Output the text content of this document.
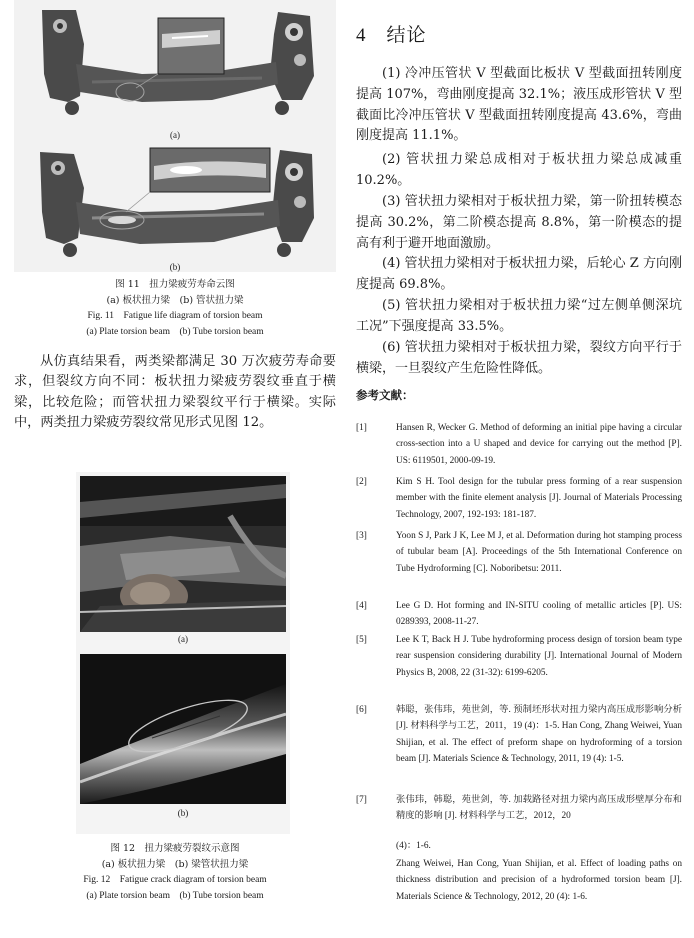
(a)
(b)
图 11　扭力梁疲劳寿命云图
(a) 板状扭力梁　(b) 管状扭力梁
Fig. 11　Fatigue life diagram of torsion beam
(a) Plate torsion beam　(b) Tube torsion beam
从仿真结果看，两类梁都满足 30 万次疲劳寿命要求，但裂纹方向不同：板状扭力梁疲劳裂纹垂直于横梁，比较危险；而管状扭力梁裂纹平行于横梁。实际中，两类扭力梁疲劳裂纹常见形式见图 12。
(a)
(b)
图 12　扭力梁疲劳裂纹示意图
(a) 板状扭力梁　(b) 梁管状扭力梁
Fig. 12　Fatigue crack diagram of torsion beam
(a) Plate torsion beam　(b) Tube torsion beam
4　结论
(1) 冷冲压管状 V 型截面比板状 V 型截面扭转刚度提高 107%，弯曲刚度提高 32.1%；液压成形管状 V 型截面比冷冲压管状 V 型截面扭转刚度提高 43.6%，弯曲刚度提高 11.1%。
(2) 管状扭力梁总成相对于板状扭力梁总成减重 10.2%。
(3) 管状扭力梁相对于板状扭力梁，第一阶扭转模态提高 30.2%，第二阶模态提高 8.8%，第一阶模态的提高有利于避开地面激励。
(4) 管状扭力梁相对于板状扭力梁，后轮心 Z 方向刚度提高 69.8%。
(5) 管状扭力梁相对于板状扭力梁“过左侧单侧深坑工况”下强度提高 33.5%。
(6) 管状扭力梁相对于板状扭力梁，裂纹方向平行于横梁，一旦裂纹产生危险性降低。
参考文献：
[1]	Hansen R, Wecker G. Method of deforming an initial pipe having a circular cross-section into a U shaped and device for carrying out the method [P]. US: 6119501, 2000-09-19.
[2]	Kim S H. Tool design for the tubular press forming of a rear suspension member with the finite element analysis [J]. Journal of Materials Processing Technology, 2007, 192-193: 181-187.
[3]	Yoon S J, Park J K, Lee M J, et al. Deformation during hot stamping process of tubular beam [A]. Proceedings of the 5th International Conference on Tube Hydroforming [C]. Noboribetsu: 2011.
[4]	Lee G D. Hot forming and IN-SITU cooling of metallic articles [P]. US: 0289393, 2008-11-27.
[5]	Lee K T, Back H J. Tube hydroforming process design of torsion beam type rear suspension considering durability [J]. International Journal of Modern Physics B, 2008, 22 (31-32): 6199-6205.
[6]	韩聪，张伟玮，苑世剑，等. 预制坯形状对扭力梁内高压成形影响分析 [J]. 材料科学与工艺，2011，19 (4)：1-5. Han Cong, Zhang Weiwei, Yuan Shijian, et al. The effect of preform shape on hydroforming of a torsion beam [J]. Materials Science & Technology, 2011, 19 (4): 1-5.
[7]	张伟玮，韩聪，苑世剑，等. 加载路径对扭力梁内高压成形壁厚分布和精度的影响 [J]. 材料科学与工艺，2012，20
(4)：1-6.
Zhang Weiwei, Han Cong, Yuan Shijian, et al. Effect of loading paths on thickness distribution and precision of a hydroformed torsion beam [J]. Materials Science & Technology, 2012, 20 (4): 1-6.
